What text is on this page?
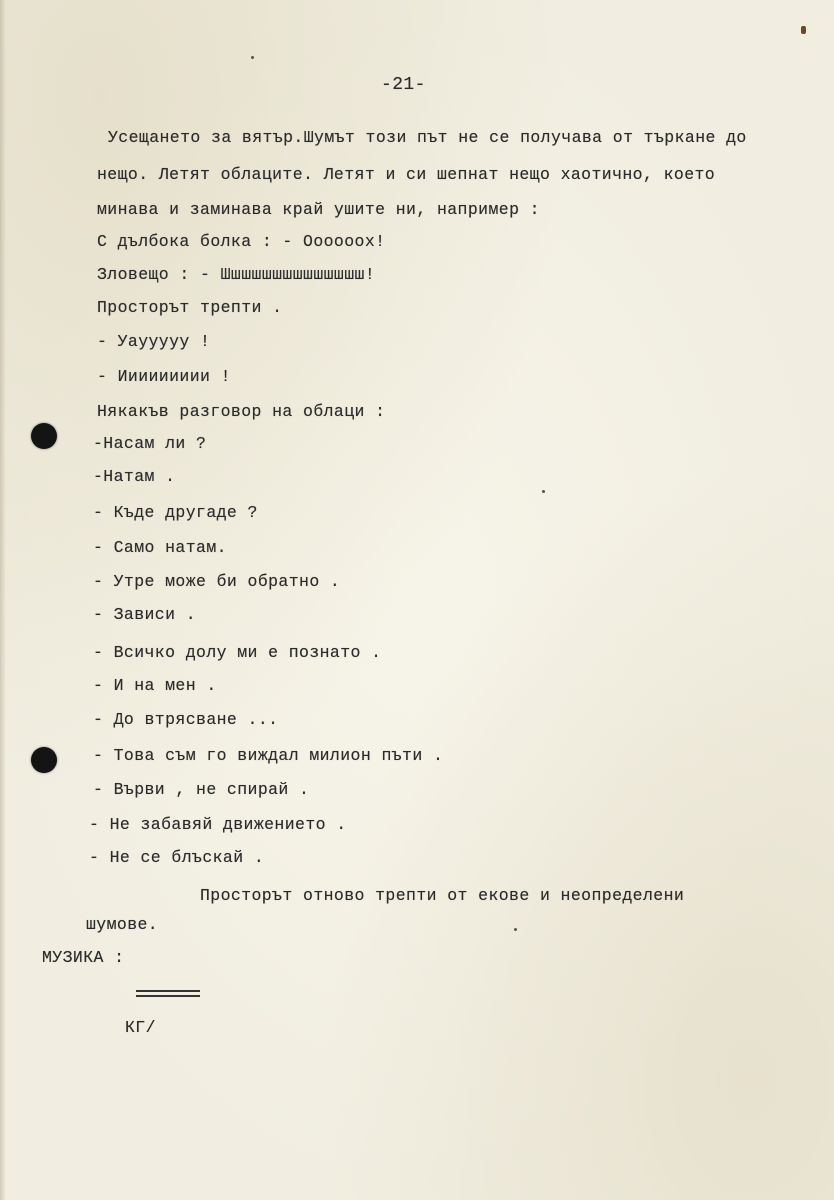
-21-
Усещането за вятър.Шумът този път не се получава от търкане до
нещо. Летят облаците. Летят и си шепнат нещо хаотично, което
минава и заминава край ушите ни, например :
С дълбока болка : - Оооооох!
Зловещо : - Шшшшшшшшшшшшшш!
Просторът трепти .
- Уаууууу !
- Иииииииии !
Някакъв разговор на облаци :
-Насам ли ?
-Натам .
- Къде другаде ?
- Само натам.
- Утре може би обратно .
- Зависи .
- Всичко долу ми е познато .
- И на мен .
- До втрясване ...
- Това съм го виждал милион пъти .
- Върви , не спирай .
- Не забавяй движението .
- Не се блъскай .
Просторът отново трепти от екове и неопределени
шумове.
МУЗИКА :
КГ/
